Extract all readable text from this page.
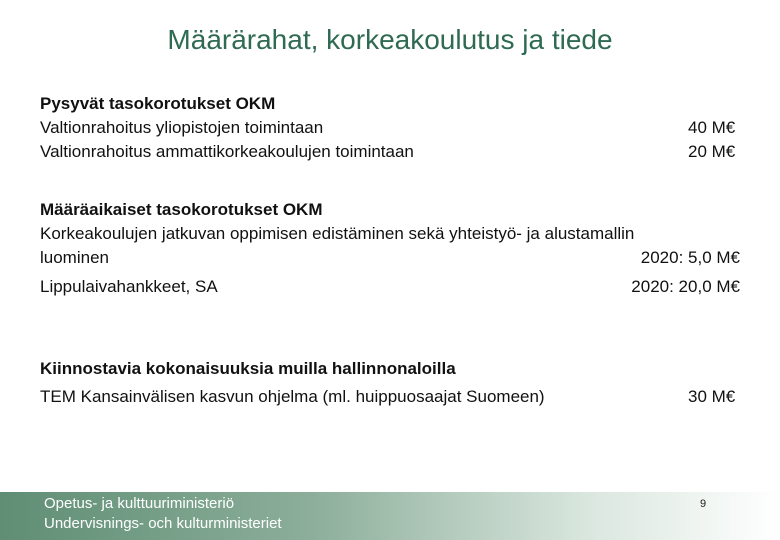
Määrärahat, korkeakoulutus ja tiede
Pysyvät tasokorotukset OKM
Valtionrahoitus yliopistojen toimintaan	40 M€
Valtionrahoitus ammattikorkeakoulujen toimintaan	20 M€
Määräaikaiset tasokorotukset OKM
Korkeakoulujen jatkuvan oppimisen edistäminen sekä yhteistyö- ja alustamallin
luominen	2020: 5,0 M€
Lippulaivahankkeet, SA	2020: 20,0 M€
Kiinnostavia kokonaisuuksia muilla hallinnonaloilla
TEM Kansainvälisen kasvun ohjelma (ml. huippuosaajat Suomeen)	30 M€
Opetus- ja kulttuuriministeriö
Undervisnings- och kulturministeriet
9
